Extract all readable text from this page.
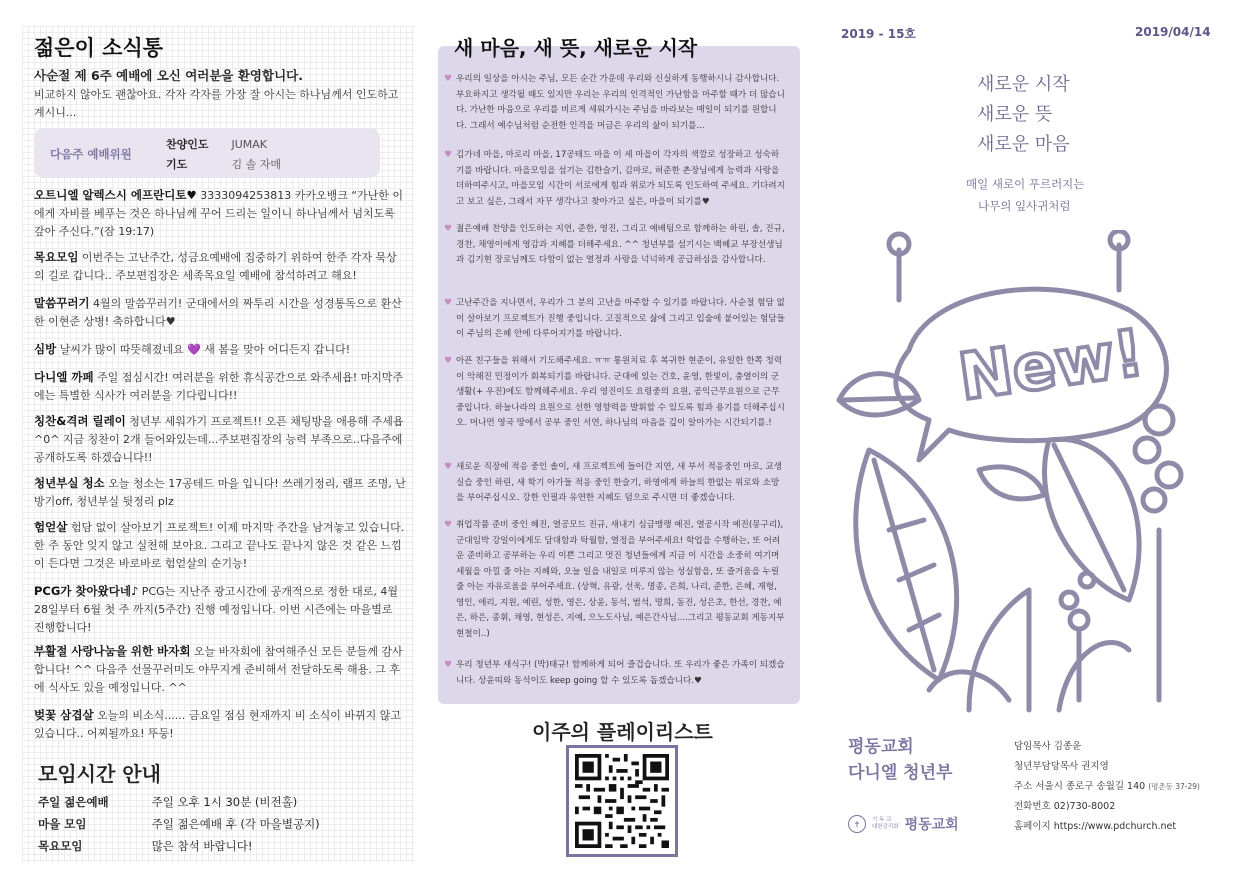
젊은이 소식통
사순절 제 6주 예배에 오신 여러분을 환영합니다.
비교하지 않아도 괜찮아요. 각자 각자를 가장 잘 아시는 하나님께서 인도하고 계시니...
다음주 예배위원
찬양인도 JUMAK
기도	김 솔 자매
오트니엘 알렉스시 에프란디토♥ 3333094253813 카카오뱅크 “가난한 이에게 자비를 베푸는 것은 하나님께 꾸어 드리는 일이니 하나님께서 넘치도록 갚아 주신다.”(잠 19:17)
목요모임 이번주는 고난주간, 성금요예배에 집중하기 위하여 한주 각자 묵상의 길로 갑니다.. 주보편집장은 세족목요일 예배에 참석하려고 해요!
말씀꾸러기 4월의 말씀꾸러기! 군대에서의 짜투리 시간을 성경통독으로 환산한 이현준 상병! 축하합니다♥
심방 날씨가 많이 따뜻해졌네요 💜 새 봄을 맞아 어디든지 갑니다!
다니엘 까페 주일 점심시간! 여러분을 위한 휴식공간으로 와주세욥! 마지막주에는 특별한 식사가 여러분을 기다립니다!!
칭찬&격려 릴레이 청년부 세워가기 프로젝트!! 오픈 채팅방을 애용해 주세욥 ^0^ 지금 칭찬이 2개 들어와있는데...주보편집장의 능력 부족으로..다음주에 공개하도록 하겠습니다!!
청년부실 청소 오늘 청소는 17공테드 마을 입니다! 쓰레기정리, 램프 조명, 난방기off, 청년부실 뒷정리 plz
험얻살 험담 없이 살아보기 프로젝트! 이제 마지막 주간을 남겨놓고 있습니다. 한 주 동안 잊지 않고 실천해 보아요. 그리고 끝나도 끝나지 않은 것 같은 느낌이 든다면 그것은 바로바로 험얻살의 순기능!
PCG가 찾아왔다네♪ PCG는 지난주 광고시간에 공개적으로 정한 대로, 4월 28일부터 6월 첫 주 까지(5주간) 진행 예정입니다. 이번 시즌에는 마을별로 진행합니다!
부활절 사랑나눔을 위한 바자회 오늘 바자회에 참여해주신 모든 분들께 감사합니다! ^^ 다음주 선물꾸러미도 야무지게 준비해서 전달하도록 해용. 그 후에 식사도 있을 예정입니다. ^^
벚꽃 삼겹살 오늘의 비소식...... 금요일 점심 현재까지 비 소식이 바뀌지 않고 있습니다.. 어찌될까요! 뚜둥!
모임시간 안내
주일 젊은예배	주일 오후 1시 30분 (비전홀)
마을 모임	주일 젊은예배 후 (각 마을별공지)
목요모임	많은 참석 바랍니다!
♥ 우리의 일상을 아시는 주님, 모든 순간 가운데 우리와 신실하게 동행하시니 감사합니다. 부요하지고 생각될 때도 있지만 우리는 우리의 인격적인 가난함을 마주할 때가 더 많습니다. 가난한 마음으로 우리를 비르게 세워가시는 주님을 바라보는 매일이 되기를 원합니다. 그래서 예수님처럼 순전한 인격을 머금은 우리의 삶이 되기를...
♥ 김가네 마을, 마로리 마을, 17공테드 마을 이 세 마을이 각자의 색깔로 성장하고 성숙하기를 바랍니다. 마을모임을 섬기는 김한슬기, 김마로, 허준한 촌장님에게 능력과 사랑을 더하여주시고, 마을모임 시간이 서로에게 힘과 위로가 되도록 인도하여 주세요. 기다려지고 보고 싶은, 그래서 자꾸 생각나고 찾아가고 싶은, 마을이 되기를♥
♥ 젊은예배 찬양을 인도하는 지연, 준한, 영진, 그리고 예배팀으로 함께하는 하린, 솔, 진규, 경찬, 채영이에게 영감과 지혜를 더해주세요. ^^ 청년부를 섬기시는 백혜교 부장선생님과 김기현 장로님께도 다함이 없는 열정과 사랑을 넉넉하게 공급하심을 감사합니다.
♥ 고난주간을 지나면서, 우리가 그 분의 고난을 마주할 수 있기를 바랍니다. 사순절 험담 없이 살아보기 프로젝트가 진행 중입니다. 고질적으로 삶에 그리고 입술에 붙어있는 험담들이 주님의 은혜 안에 다루어지기를 바랍니다.
♥ 아픈 친구들을 위해서 기도해주세요. ㅠㅠ 통원치료 후 복귀한 현준이, 유일한 한쪽 청력이 악해진 민정이가 회복되기를 바랍니다. 군대에 있는 건호, 윤영, 한빛이, 충열이의 군생활(+ 우진)에도 함께해주세요. 우리 영진이도 요령중의 요원, 공익근무요원으로 근무 중입니다. 하늘나라의 요원으로 선한 영향력을 발휘할 수 있도록 힘과 용기를 더해주십시오. 머나먼 영국 땅에서 공부 중인 서연, 하나님의 마음을 깊이 알아가는 시간되기를.!
♥ 새로운 직장에 적응 중인 솔이, 새 프로젝트에 들어간 지연, 새 부서 적응중인 마로, 교생실습 중인 하린, 새 학기 아가들 적응 중인 한슬기, 하영에게 하늘의 한없는 위로와 소망을 부어주십시오. 강한 인필과 유연한 지혜도 덤으로 주시면 더 좋겠습니다.
♥ 취업작품 준비 중인 혜진, 열공모드 진규, 새내기 심금맹랭 예진, 열공시작 예진(몽구리), 군대임박 강일이에게도 담대함과 탁월함, 열정을 부어주세요! 학업을 수행하는, 또 어려운 준비하고 공부하는 우리 이쁜 그리고 멋진 청년들에게 지금 이 시간을 소중히 여기며 세월을 아낄 줄 아는 지혜와, 오늘 일을 내일로 미루지 않는 성실함을, 또 즐거움을 누릴 줄 아는 자유로움을 부어주세요. (상혁, 유광, 선욱, 명종, 은희, 나리, 준한, 은혜, 재형, 영인, 애리, 지원, 예린, 성한, 영은, 상윤, 동석, 범석, 명희, 동진, 성은초, 한선, 경찬, 예은, 하은, 종휘, 채영, 현성은, 지예, 으노도사님, 예은간사님....그리고 평동교회 게동지부 현철이..)
♥ 우리 청년부 새식구! (박)태규! 함께하게 되어 즐겁습니다. 또 우리가 좋은 가족이 되겠습니다. 상윤띠와 동석이도 keep going 할 수 있도록 돕겠습니다.♥
새 마음, 새 뜻, 새로운 시작
이주의 플레이리스트
2019 - 15호	2019/04/14
새로운 시작
새로운 뜻
새로운 마음
매일 새로이 푸르러지는
나무의 잎사귀처럼
New!
평동교회
다니엘 청년부
✝	기 독 교
대한감리회 평동교회
담임목사 김종윤
청년부담당목사 권지영
주소 서울시 종로구 송월길 140 (평촌동 37-29)
전화번호 02)730-8002
홈페이지 https://www.pdchurch.net
